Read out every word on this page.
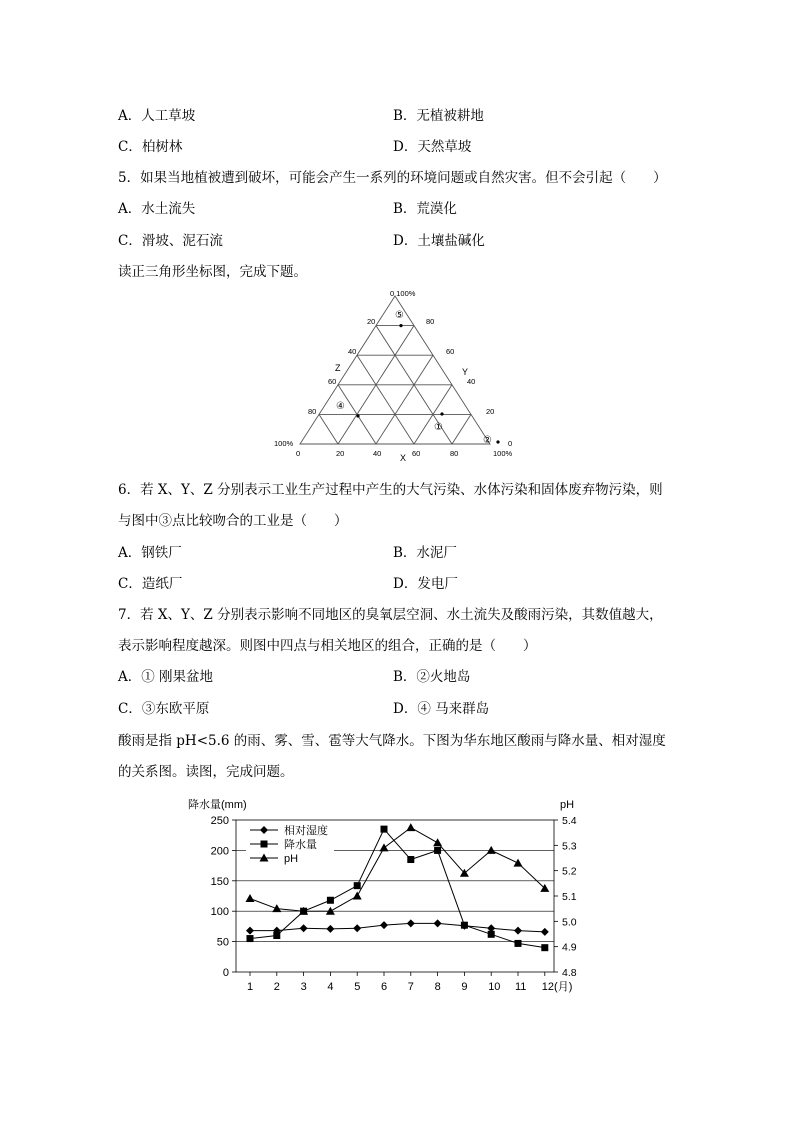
A．人工草坡	B．无植被耕地
C．柏树林	D．天然草坡
5．如果当地植被遭到破坏，可能会产生一系列的环境问题或自然灾害。但不会引起（　　）
A．水土流失	B．荒漠化
C．滑坡、泥石流	D．土壤盐碱化
读正三角形坐标图，完成下题。
0 100%
20
40
60
80
100%
80
60
40
20
0
0	20	40	60	80	100%
Z	Y
X
⑤
④
①
②
6．若 X、Y、Z 分别表示工业生产过程中产生的大气污染、水体污染和固体废弃物污染，则
与图中③点比较吻合的工业是（　　）
A．钢铁厂	B．水泥厂
C．造纸厂	D．发电厂
7．若 X、Y、Z 分别表示影响不同地区的臭氧层空洞、水土流失及酸雨污染，其数值越大，
表示影响程度越深。则图中四点与相关地区的组合，正确的是（　　）
A．① 刚果盆地	B．②火地岛
C．③东欧平原	D．④ 马来群岛
酸雨是指 pH<5.6 的雨、雾、雪、雹等大气降水。下图为华东地区酸雨与降水量、相对湿度
的关系图。读图，完成问题。
降水量(mm)	pH
0
50
100
150
200
250
4.8
4.9
5.0
5.1
5.2
5.3
5.4
1 2 3 4 5 6 7 8 9 10 11 12(月)
相对湿度
降水量
pH
